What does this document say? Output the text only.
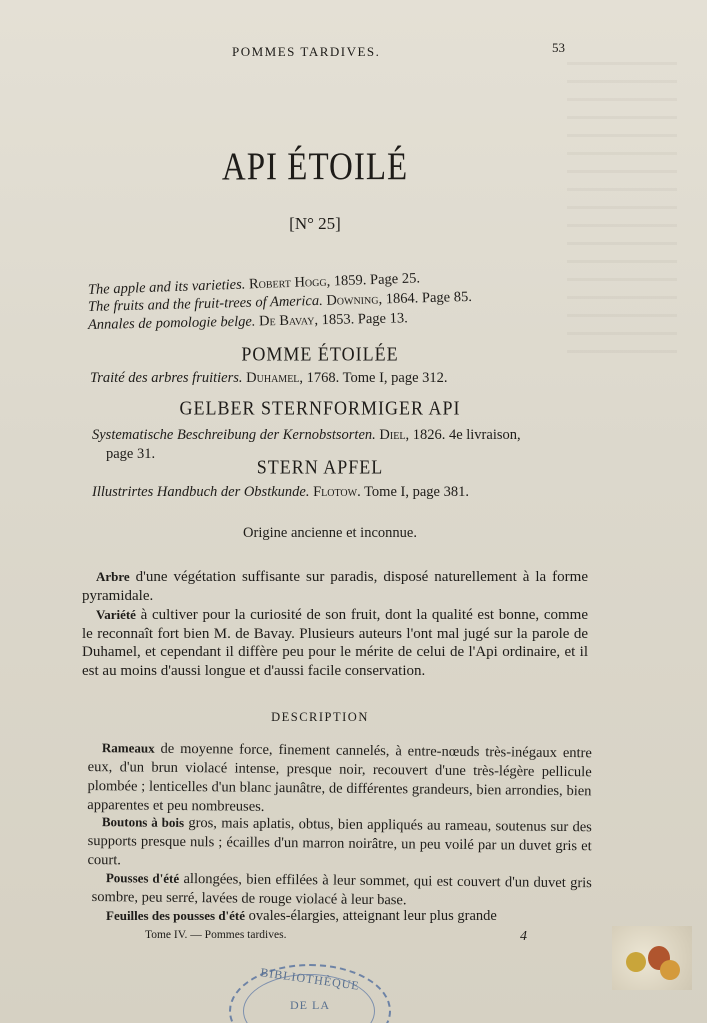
POMMES TARDIVES.	53
API ÉTOILÉ
[N° 25]
The apple and its varieties. Robert Hogg, 1859. Page 25.
The fruits and the fruit-trees of America. Downing, 1864. Page 85.
Annales de pomologie belge. De Bavay, 1853. Page 13.
POMME ÉTOILÉE
Traité des arbres fruitiers. Duhamel, 1768. Tome I, page 312.
GELBER STERNFORMIGER API
Systematische Beschreibung der Kernobstsorten. Diel, 1826. 4e livraison,
page 31.
STERN APFEL
Illustrirtes Handbuch der Obstkunde. Flotow. Tome I, page 381.
Origine ancienne et inconnue.
Arbre d'une végétation suffisante sur paradis, disposé naturellement à la forme pyramidale.
Variété à cultiver pour la curiosité de son fruit, dont la qualité est bonne, comme le reconnaît fort bien M. de Bavay. Plusieurs auteurs l'ont mal jugé sur la parole de Duhamel, et cependant il diffère peu pour le mérite de celui de l'Api ordinaire, et il est au moins d'aussi longue et d'aussi facile conservation.
DESCRIPTION
Rameaux de moyenne force, finement cannelés, à entre-nœuds très-inégaux entre eux, d'un brun violacé intense, presque noir, recouvert d'une très-légère pellicule plombée ; lenticelles d'un blanc jaunâtre, de différentes grandeurs, bien arrondies, bien apparentes et peu nombreuses.
Boutons à bois gros, mais aplatis, obtus, bien appliqués au rameau, soutenus sur des supports presque nuls ; écailles d'un marron noirâtre, un peu voilé par un duvet gris et court.
Pousses d'été allongées, bien effilées à leur sommet, qui est couvert d'un duvet gris sombre, peu serré, lavées de rouge violacé à leur base.
Feuilles des pousses d'été ovales-élargies, atteignant leur plus grande
Tome IV. — Pommes tardives.	4
BIBLIOTHÈQUE
DE LA
